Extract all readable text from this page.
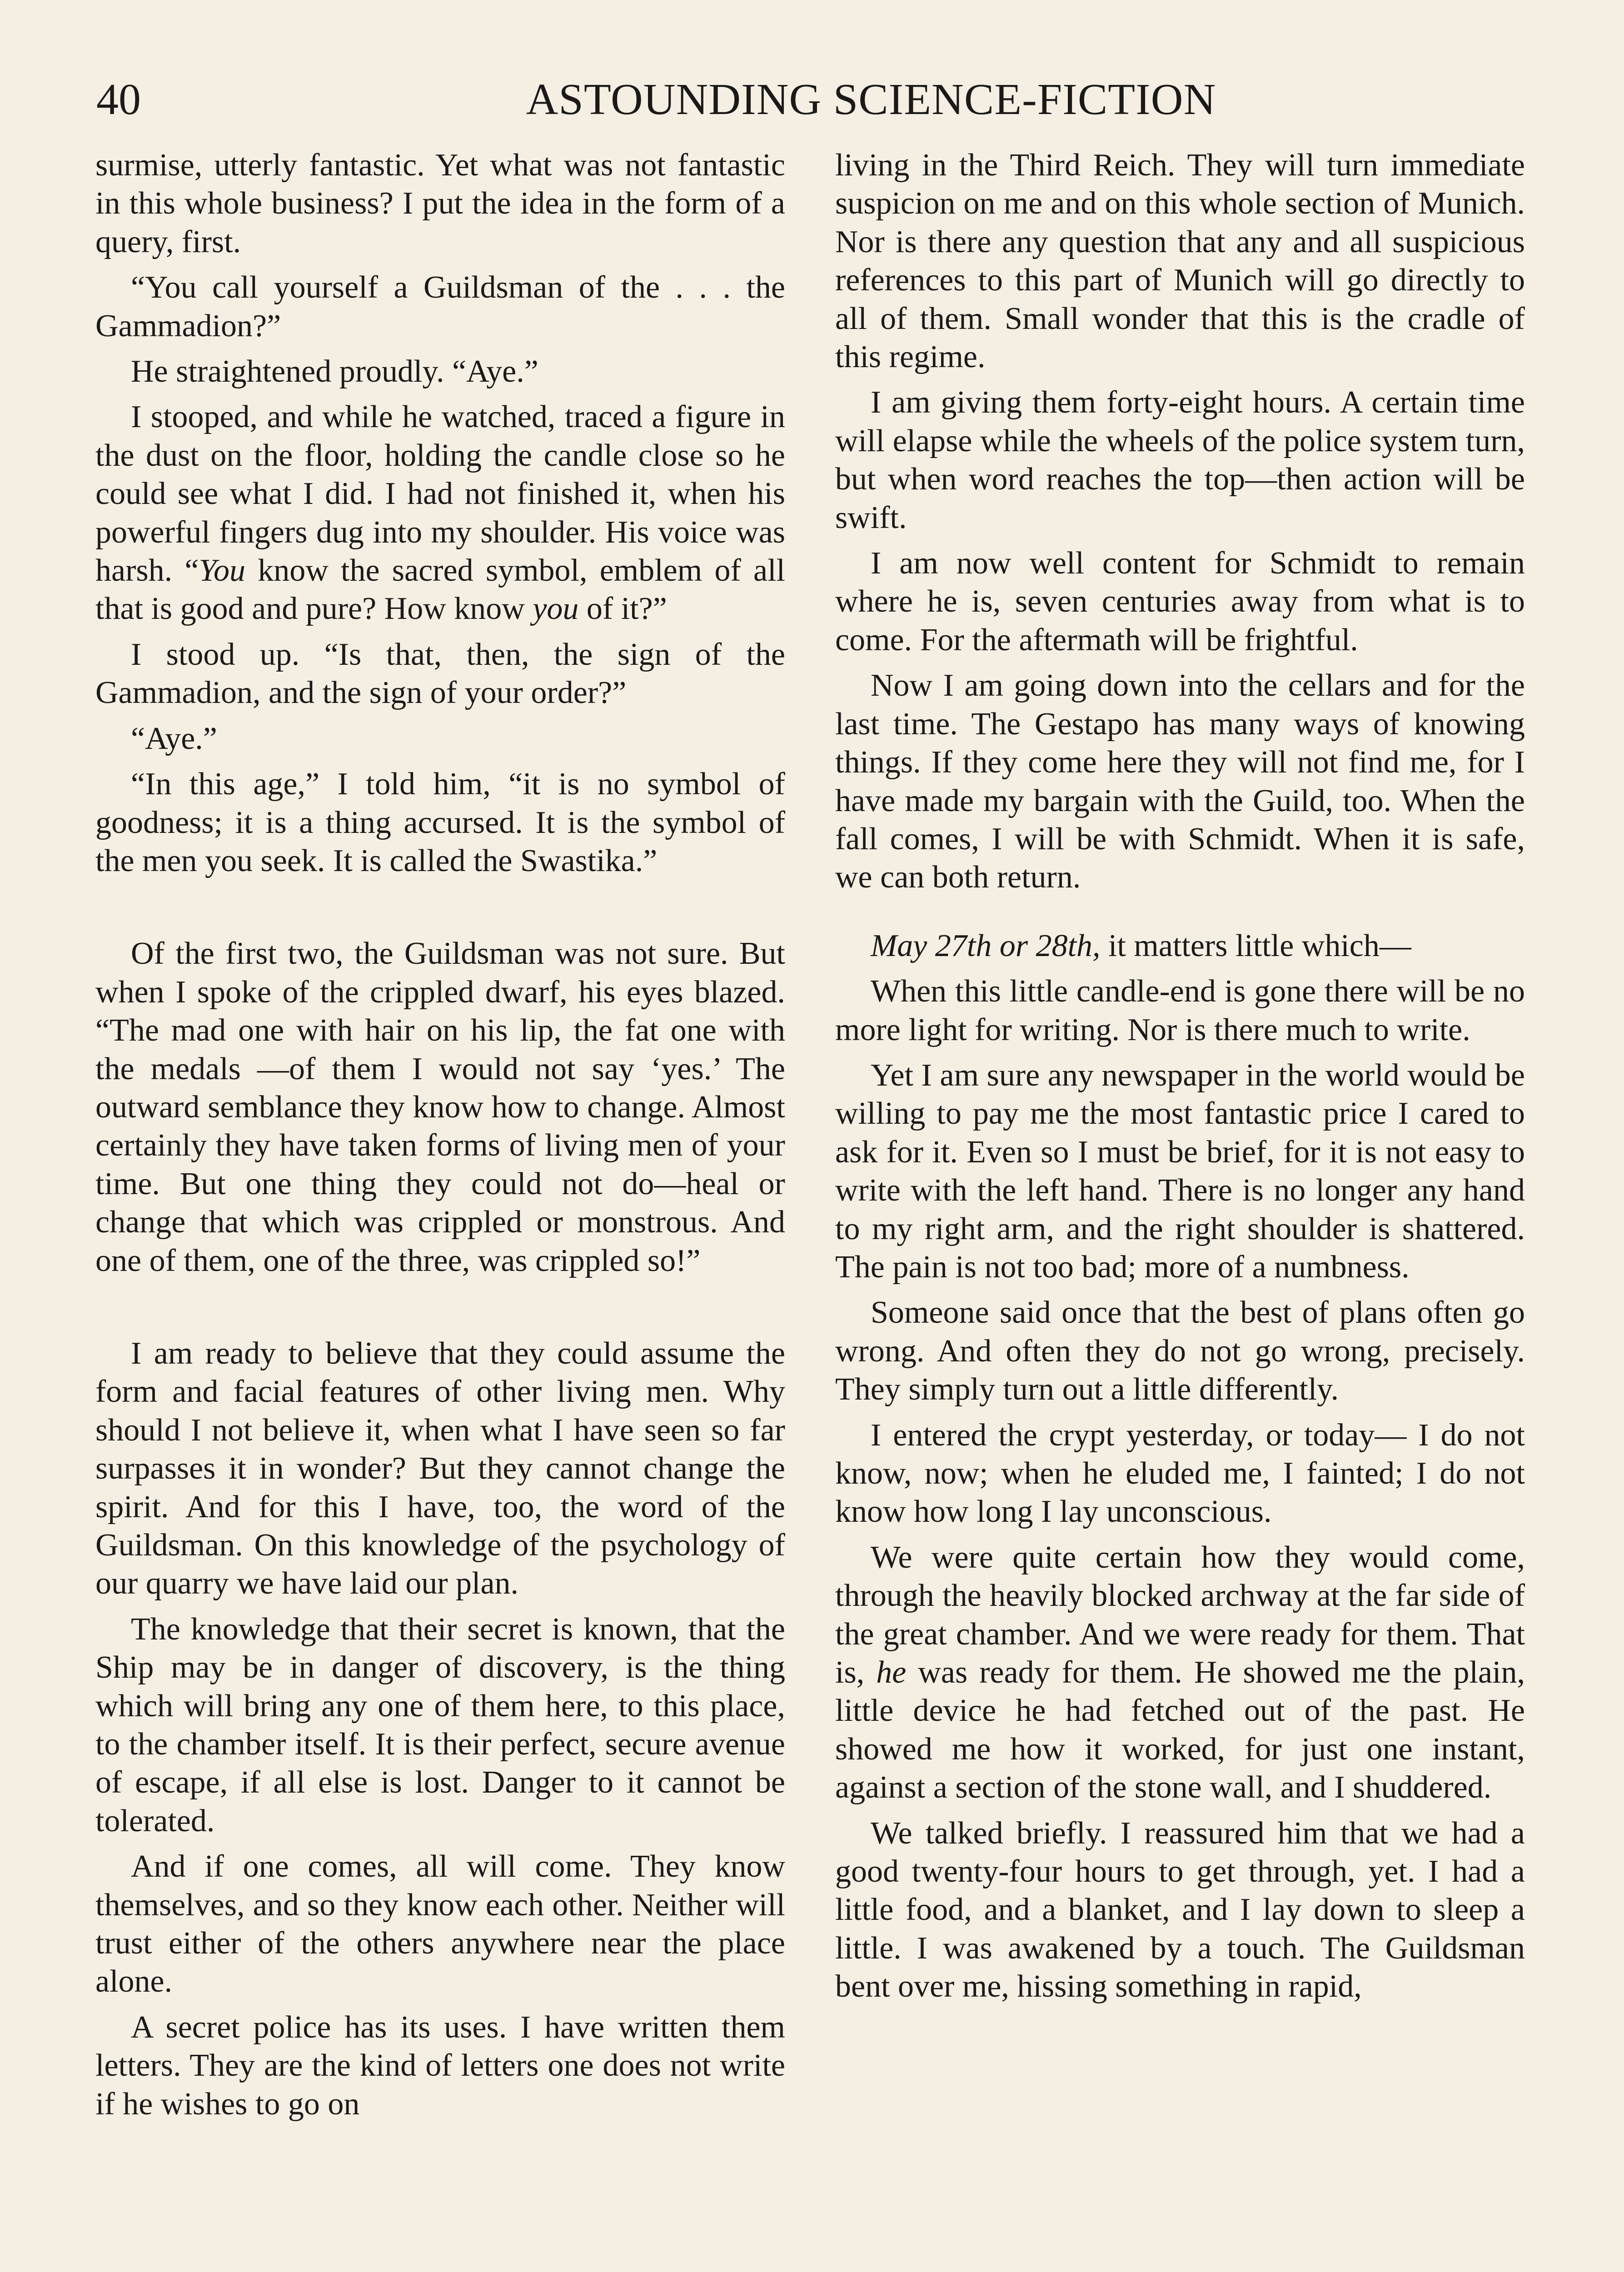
40	ASTOUNDING SCIENCE-FICTION

surmise, utterly fantastic. Yet what was not fantastic in this whole business? I put the idea in the form of a query, first.

“You call yourself a Guildsman of the . . . the Gammadion?”

He straightened proudly. “Aye.”

I stooped, and while he watched, traced a figure in the dust on the floor, holding the candle close so he could see what I did. I had not finished it, when his powerful fingers dug into my shoulder. His voice was harsh. “You know the sacred symbol, emblem of all that is good and pure? How know you of it?”

I stood up. “Is that, then, the sign of the Gammadion, and the sign of your order?”

“Aye.”

“In this age,” I told him, “it is no symbol of goodness; it is a thing accursed. It is the symbol of the men you seek. It is called the Swastika.”

Of the first two, the Guildsman was not sure. But when I spoke of the crippled dwarf, his eyes blazed. “The mad one with hair on his lip, the fat one with the medals —of them I would not say ‘yes.’ The outward semblance they know how to change. Almost certainly they have taken forms of living men of your time. But one thing they could not do—heal or change that which was crippled or monstrous. And one of them, one of the three, was crippled so!”

I am ready to believe that they could assume the form and facial features of other living men. Why should I not believe it, when what I have seen so far surpasses it in wonder? But they cannot change the spirit. And for this I have, too, the word of the Guildsman. On this knowledge of the psychology of our quarry we have laid our plan.

The knowledge that their secret is known, that the Ship may be in danger of discovery, is the thing which will bring any one of them here, to this place, to the chamber itself. It is their perfect, secure avenue of escape, if all else is lost. Danger to it cannot be tolerated.

And if one comes, all will come. They know themselves, and so they know each other. Neither will trust either of the others anywhere near the place alone.

A secret police has its uses. I have written them letters. They are the kind of letters one does not write if he wishes to go on

living in the Third Reich. They will turn immediate suspicion on me and on this whole section of Munich. Nor is there any question that any and all suspicious references to this part of Munich will go directly to all of them. Small wonder that this is the cradle of this regime.

I am giving them forty-eight hours. A certain time will elapse while the wheels of the police system turn, but when word reaches the top—then action will be swift.

I am now well content for Schmidt to remain where he is, seven centuries away from what is to come. For the aftermath will be frightful.

Now I am going down into the cellars and for the last time. The Gestapo has many ways of knowing things. If they come here they will not find me, for I have made my bargain with the Guild, too. When the fall comes, I will be with Schmidt. When it is safe, we can both return.

May 27th or 28th, it matters little which—

When this little candle-end is gone there will be no more light for writing. Nor is there much to write.

Yet I am sure any newspaper in the world would be willing to pay me the most fantastic price I cared to ask for it. Even so I must be brief, for it is not easy to write with the left hand. There is no longer any hand to my right arm, and the right shoulder is shattered. The pain is not too bad; more of a numbness.

Someone said once that the best of plans often go wrong. And often they do not go wrong, precisely. They simply turn out a little differently.

I entered the crypt yesterday, or today— I do not know, now; when he eluded me, I fainted; I do not know how long I lay unconscious.

We were quite certain how they would come, through the heavily blocked archway at the far side of the great chamber. And we were ready for them. That is, he was ready for them. He showed me the plain, little device he had fetched out of the past. He showed me how it worked, for just one instant, against a section of the stone wall, and I shuddered.

We talked briefly. I reassured him that we had a good twenty-four hours to get through, yet. I had a little food, and a blanket, and I lay down to sleep a little. I was awakened by a touch. The Guildsman bent over me, hissing something in rapid,
